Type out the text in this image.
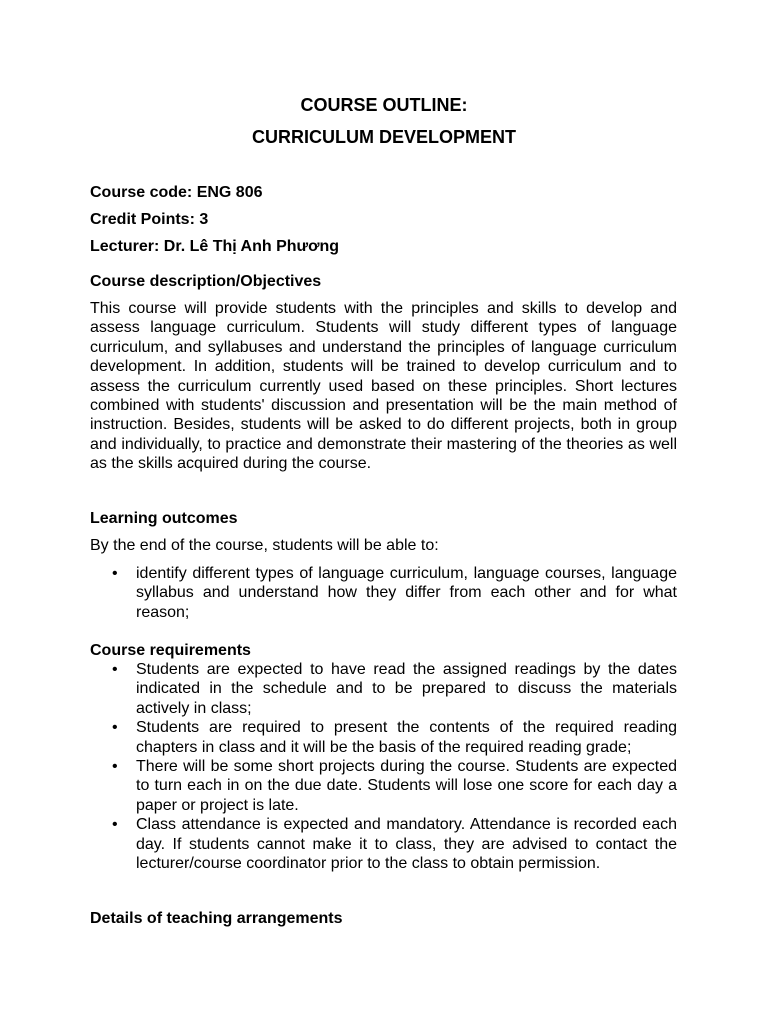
COURSE OUTLINE:
CURRICULUM DEVELOPMENT
Course code: ENG 806
Credit Points: 3
Lecturer: Dr. Lê Thị Anh Phương
Course description/Objectives
This course will provide students with the principles and skills to develop and assess language curriculum. Students will study different types of language curriculum, and syllabuses and understand the principles of language curriculum development. In addition, students will be trained to develop curriculum and to assess the curriculum currently used based on these principles. Short lectures combined with students' discussion and presentation will be the main method of instruction. Besides, students will be asked to do different projects, both in group and individually, to practice and demonstrate their mastering of the theories as well as the skills acquired during the course.
Learning outcomes
By the end of the course, students will be able to:
• identify different types of language curriculum, language courses, language syllabus and understand how they differ from each other and for what reason;
Course requirements
• Students are expected to have read the assigned readings by the dates indicated in the schedule and to be prepared to discuss the materials actively in class;
• Students are required to present the contents of the required reading chapters in class and it will be the basis of the required reading grade;
• There will be some short projects during the course. Students are expected to turn each in on the due date. Students will lose one score for each day a paper or project is late.
• Class attendance is expected and mandatory. Attendance is recorded each day. If students cannot make it to class, they are advised to contact the lecturer/course coordinator prior to the class to obtain permission.
Details of teaching arrangements
